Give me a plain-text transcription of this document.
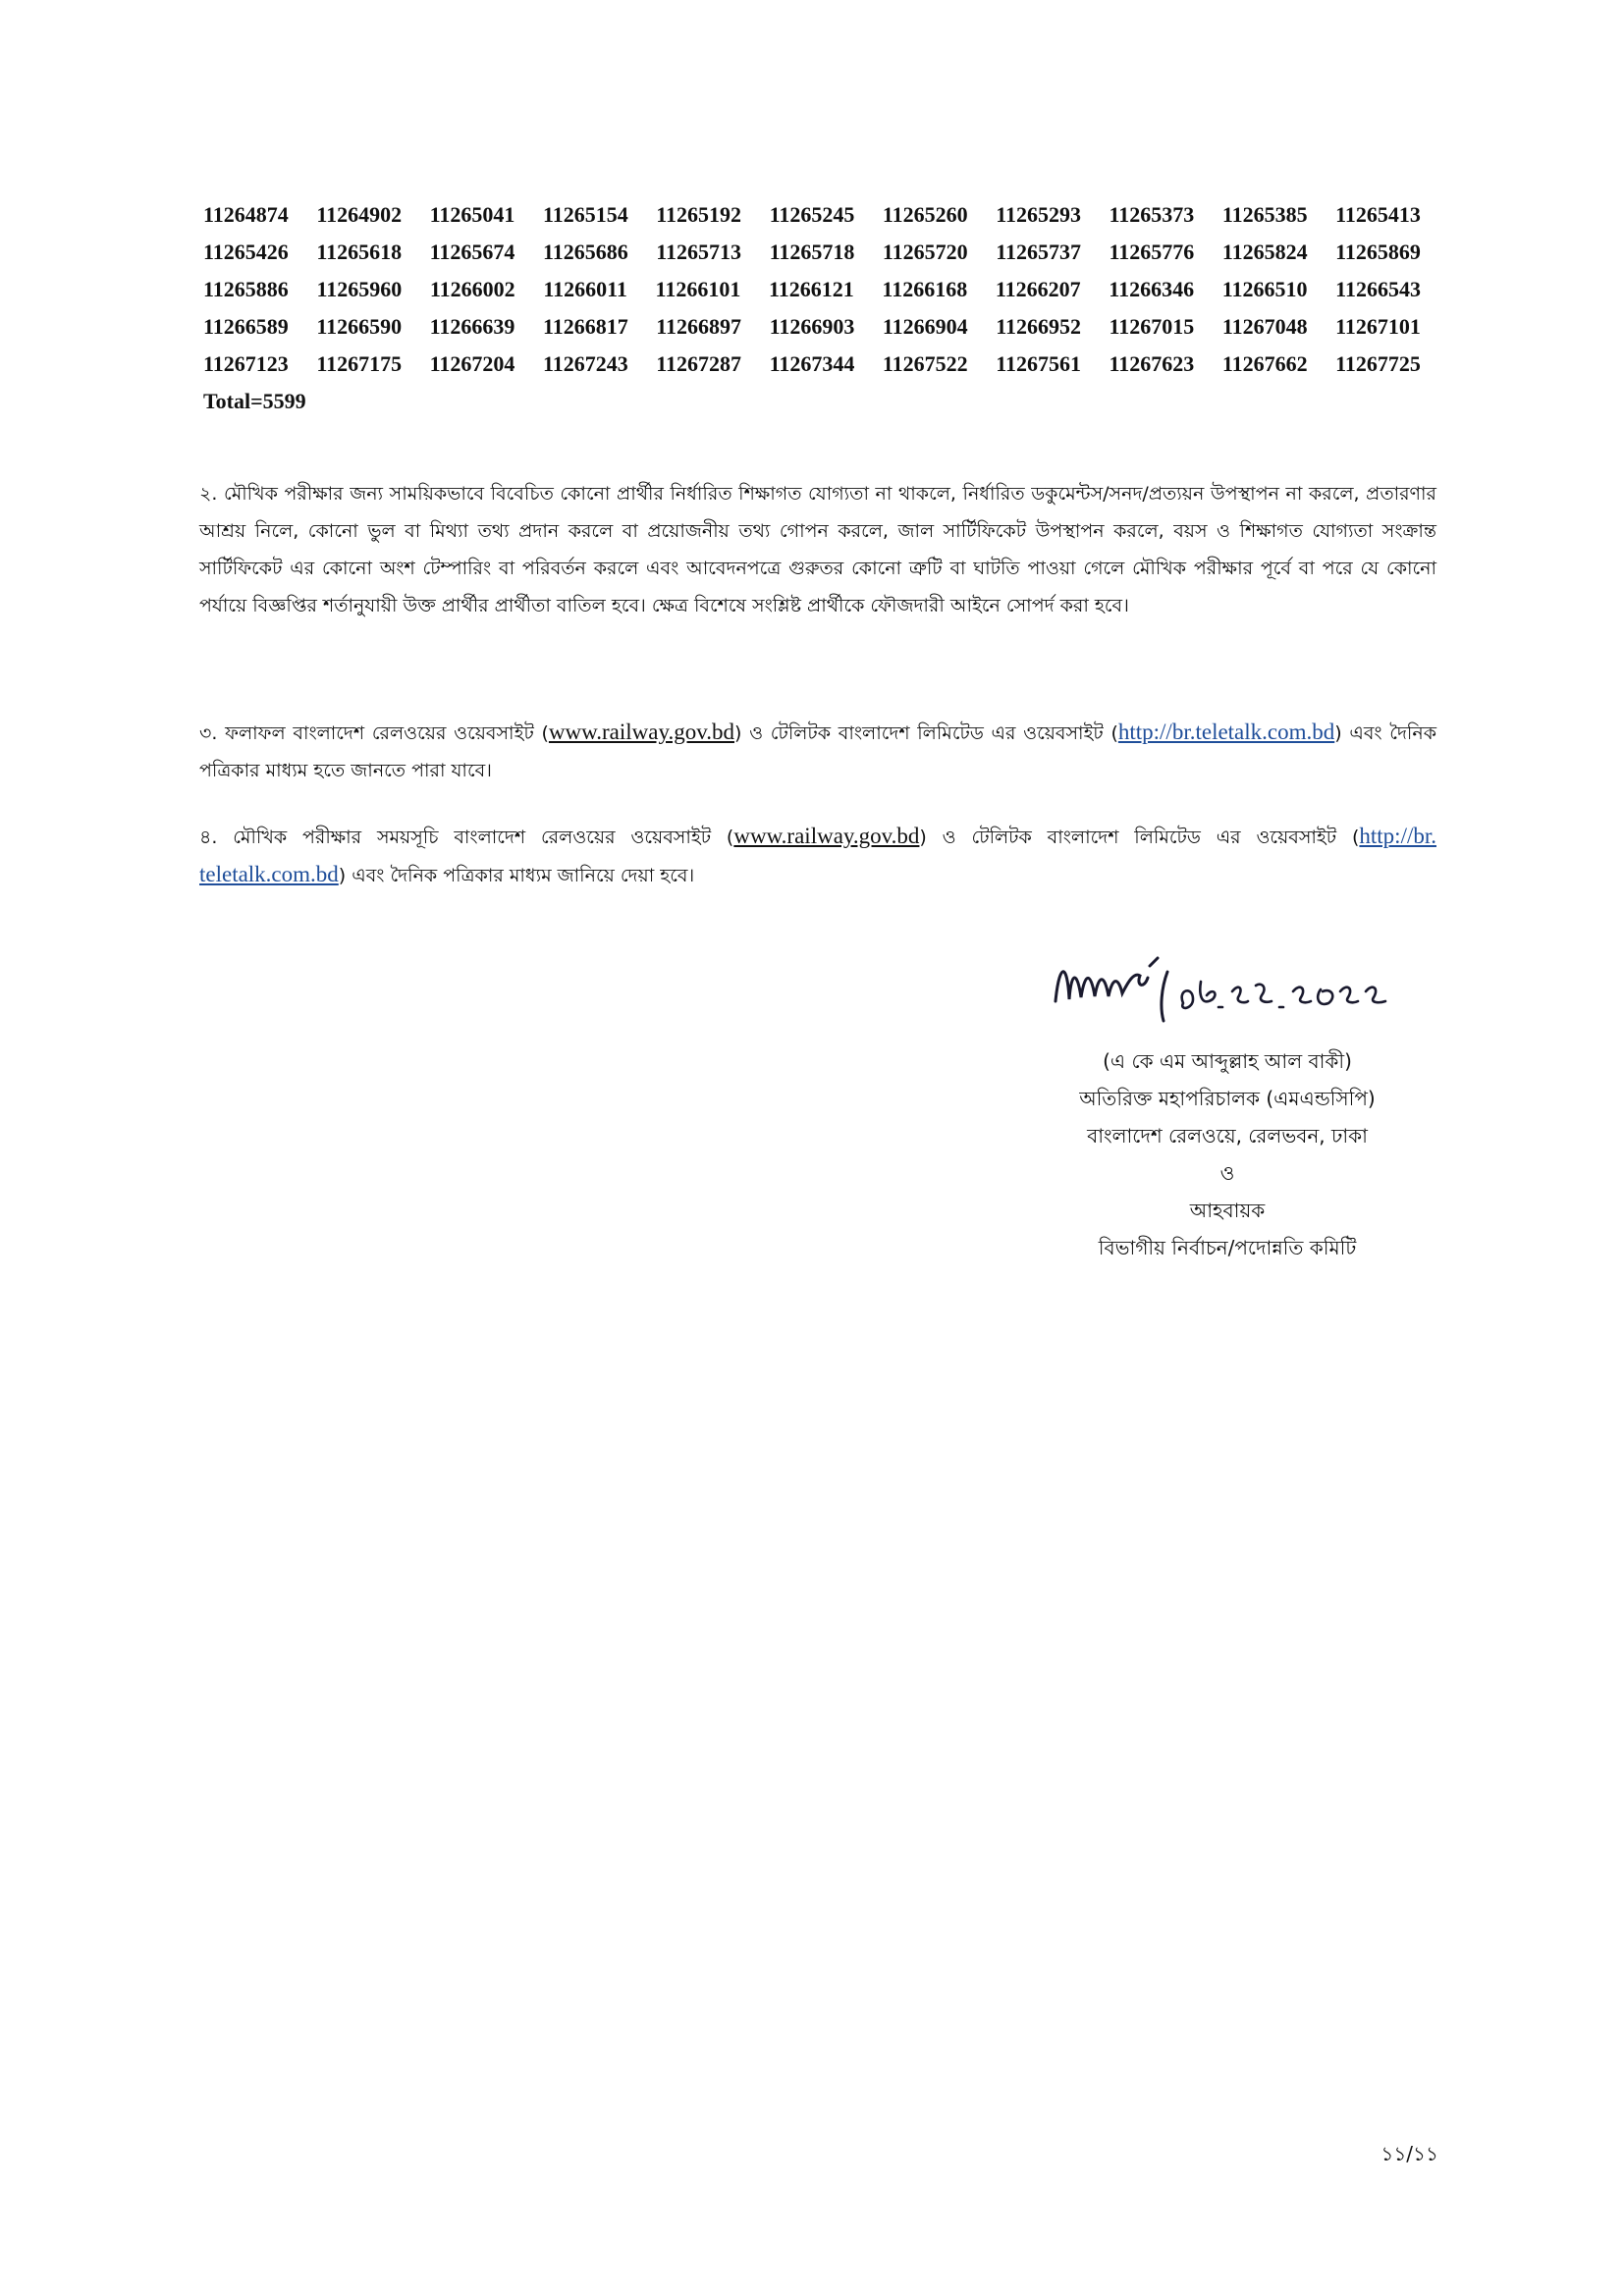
11264874 11264902 11265041 11265154 11265192 11265245 11265260 11265293 11265373 11265385 11265413
11265426 11265618 11265674 11265686 11265713 11265718 11265720 11265737 11265776 11265824 11265869
11265886 11265960 11266002 11266011 11266101 11266121 11266168 11266207 11266346 11266510 11266543
11266589 11266590 11266639 11266817 11266897 11266903 11266904 11266952 11267015 11267048 11267101
11267123 11267175 11267204 11267243 11267287 11267344 11267522 11267561 11267623 11267662 11267725
Total=5599
২. মৌখিক পরীক্ষার জন্য সাময়িকভাবে বিবেচিত কোনো প্রার্থীর নির্ধারিত শিক্ষাগত যোগ্যতা না থাকলে, নির্ধারিত ডকুমেন্টস/সনদ/প্রত্যয়ন উপস্থাপন না করলে, প্রতারণার আশ্রয় নিলে, কোনো ভুল বা মিথ্যা তথ্য প্রদান করলে বা প্রয়োজনীয় তথ্য গোপন করলে, জাল সার্টিফিকেট উপস্থাপন করলে, বয়স ও শিক্ষাগত যোগ্যতা সংক্রান্ত সার্টিফিকেট এর কোনো অংশ টেম্পারিং বা পরিবর্তন করলে এবং আবেদনপত্রে গুরুতর কোনো ত্রুটি বা ঘাটতি পাওয়া গেলে মৌখিক পরীক্ষার পূর্বে বা পরে যে কোনো পর্যায়ে বিজ্ঞপ্তির শর্তানুযায়ী উক্ত প্রার্থীর প্রার্থীতা বাতিল হবে। ক্ষেত্র বিশেষে সংশ্লিষ্ট প্রার্থীকে ফৌজদারী আইনে সোপর্দ করা হবে।
৩. ফলাফল বাংলাদেশ রেলওয়ের ওয়েবসাইট (www.railway.gov.bd) ও টেলিটক বাংলাদেশ লিমিটেড এর ওয়েবসাইট (http://br.teletalk.com.bd) এবং দৈনিক পত্রিকার মাধ্যম হতে জানতে পারা যাবে।
৪. মৌখিক পরীক্ষার সময়সূচি বাংলাদেশ রেলওয়ের ওয়েবসাইট (www.railway.gov.bd) ও টেলিটক বাংলাদেশ লিমিটেড এর ওয়েবসাইট (http://br. teletalk.com.bd) এবং দৈনিক পত্রিকার মাধ্যম জানিয়ে দেয়া হবে।
(এ কে এম আব্দুল্লাহ আল বাকী)
অতিরিক্ত মহাপরিচালক (এমএন্ডসিপি)
বাংলাদেশ রেলওয়ে, রেলভবন, ঢাকা
ও
আহবায়ক
বিভাগীয় নির্বাচন/পদোন্নতি কমিটি
১১/১১
